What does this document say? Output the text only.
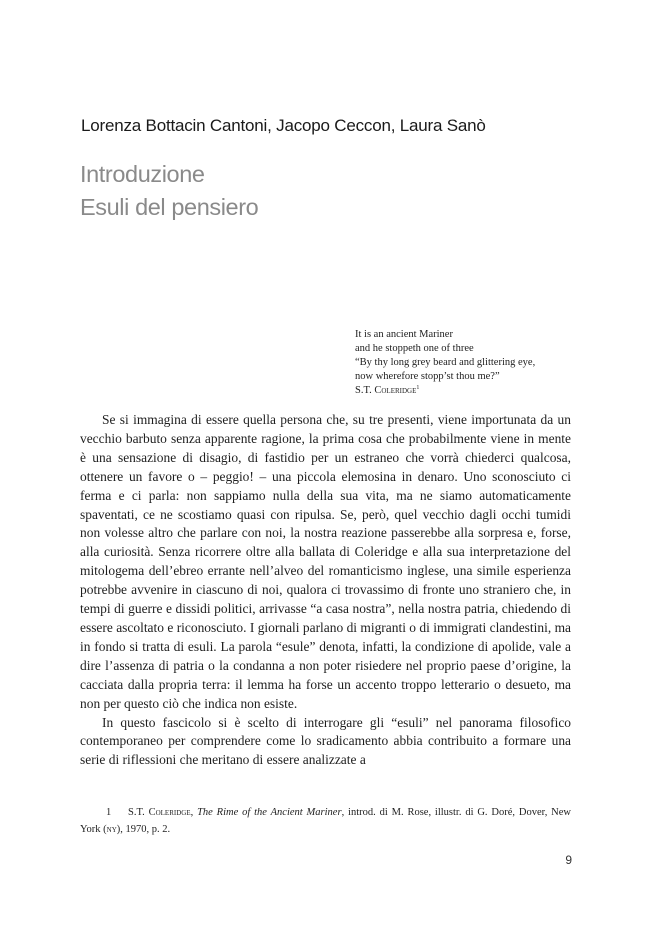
Lorenza Bottacin Cantoni, Jacopo Ceccon, Laura Sanò
Introduzione
Esuli del pensiero
It is an ancient Mariner
and he stoppeth one of three
“By thy long grey beard and glittering eye,
now wherefore stopp’st thou me?”
S.T. Coleridge$^1$

Se si immagina di essere quella persona che, su tre presenti, viene importunata da un vecchio barbuto senza apparente ragione, la prima cosa che probabilmente viene in mente è una sensazione di disagio, di fastidio per un estraneo che vorrà chiederci qualcosa, ottenere un favore o – peggio! – una piccola elemosina in denaro. Uno sconosciuto ci ferma e ci parla: non sappiamo nulla della sua vita, ma ne siamo automaticamente spaventati, ce ne scostiamo quasi con ripulsa. Se, però, quel vecchio dagli occhi tumidi non volesse altro che parlare con noi, la nostra reazione passerebbe alla sorpresa e, forse, alla curiosità. Senza ricorrere oltre alla ballata di Coleridge e alla sua interpretazione del mitologema dell’ebreo errante nell’alveo del romanticismo inglese, una simile esperienza potrebbe avvenire in ciascuno di noi, qualora ci trovassimo di fronte uno straniero che, in tempi di guerre e dissidi politici, arrivasse “a casa nostra”, nella nostra patria, chiedendo di essere ascoltato e riconosciuto. I giornali parlano di migranti o di immigrati clandestini, ma in fondo si tratta di esuli. La parola “esule” denota, infatti, la condizione di apolide, vale a dire l’assenza di patria o la condanna a non poter risiedere nel proprio paese d’origine, la cacciata dalla propria terra: il lemma ha forse un accento troppo letterario o desueto, ma non per questo ciò che indica non esiste.

In questo fascicolo si è scelto di interrogare gli “esuli” nel panorama filosofico contemporaneo per comprendere come lo sradicamento abbia contribuito a formare una serie di riflessioni che meritano di essere analizzate a

1 S.T. Coleridge, The Rime of the Ancient Mariner, introd. di M. Rose, illustr. di G. Doré, Dover, New York (ny), 1970, p. 2.
9
